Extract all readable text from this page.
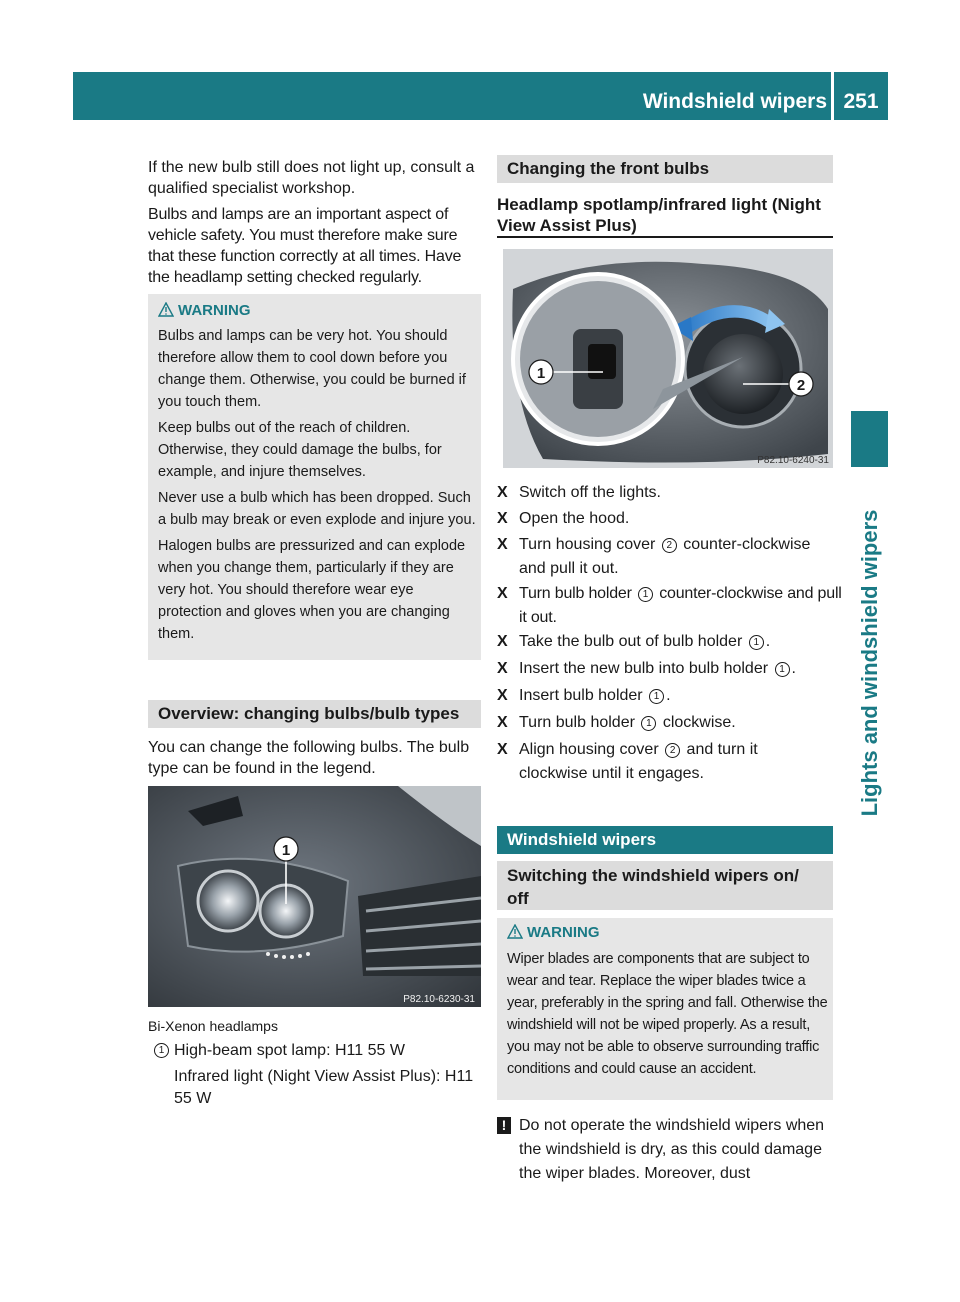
Windshield wipers 251
Lights and windshield wipers

If the new bulb still does not light up, consult a qualified specialist workshop.

Bulbs and lamps are an important aspect of vehicle safety. You must therefore make sure that these function correctly at all times. Have the headlamp setting checked regularly.

WARNING

Bulbs and lamps can be very hot. You should therefore allow them to cool down before you change them. Otherwise, you could be burned if you touch them.

Keep bulbs out of the reach of children. Otherwise, they could damage the bulbs, for example, and injure themselves.

Never use a bulb which has been dropped. Such a bulb may break or even explode and injure you.

Halogen bulbs are pressurized and can explode when you change them, particularly if they are very hot. You should therefore wear eye protection and gloves when you are changing them.

Overview: changing bulbs/bulb types

You can change the following bulbs. The bulb type can be found in the legend.

1
P82.10-6230-31
Bi-Xenon headlamps
1 High-beam spot lamp: H11 55 W
Infrared light (Night View Assist Plus): H11 55 W
Changing the front bulbs
Headlamp spotlamp/infrared light (Night View Assist Plus)
1
2
P82.10-6240-31
X Switch off the lights.
X Open the hood.
X Turn housing cover 2 counter-clockwise and pull it out.
X Turn bulb holder 1 counter-clockwise and pull it out.
X Take the bulb out of bulb holder 1 .
X Insert the new bulb into bulb holder 1 .
X Insert bulb holder 1 .
X Turn bulb holder 1 clockwise.
X Align housing cover 2 and turn it clockwise until it engages.
Windshield wipers
Switching the windshield wipers on/ off
WARNING

Wiper blades are components that are subject to wear and tear. Replace the wiper blades twice a year, preferably in the spring and fall. Otherwise the windshield will not be wiped properly. As a result, you may not be able to observe surrounding traffic conditions and could cause an accident.

! Do not operate the windshield wipers when the windshield is dry, as this could damage the wiper blades. Moreover, dust
